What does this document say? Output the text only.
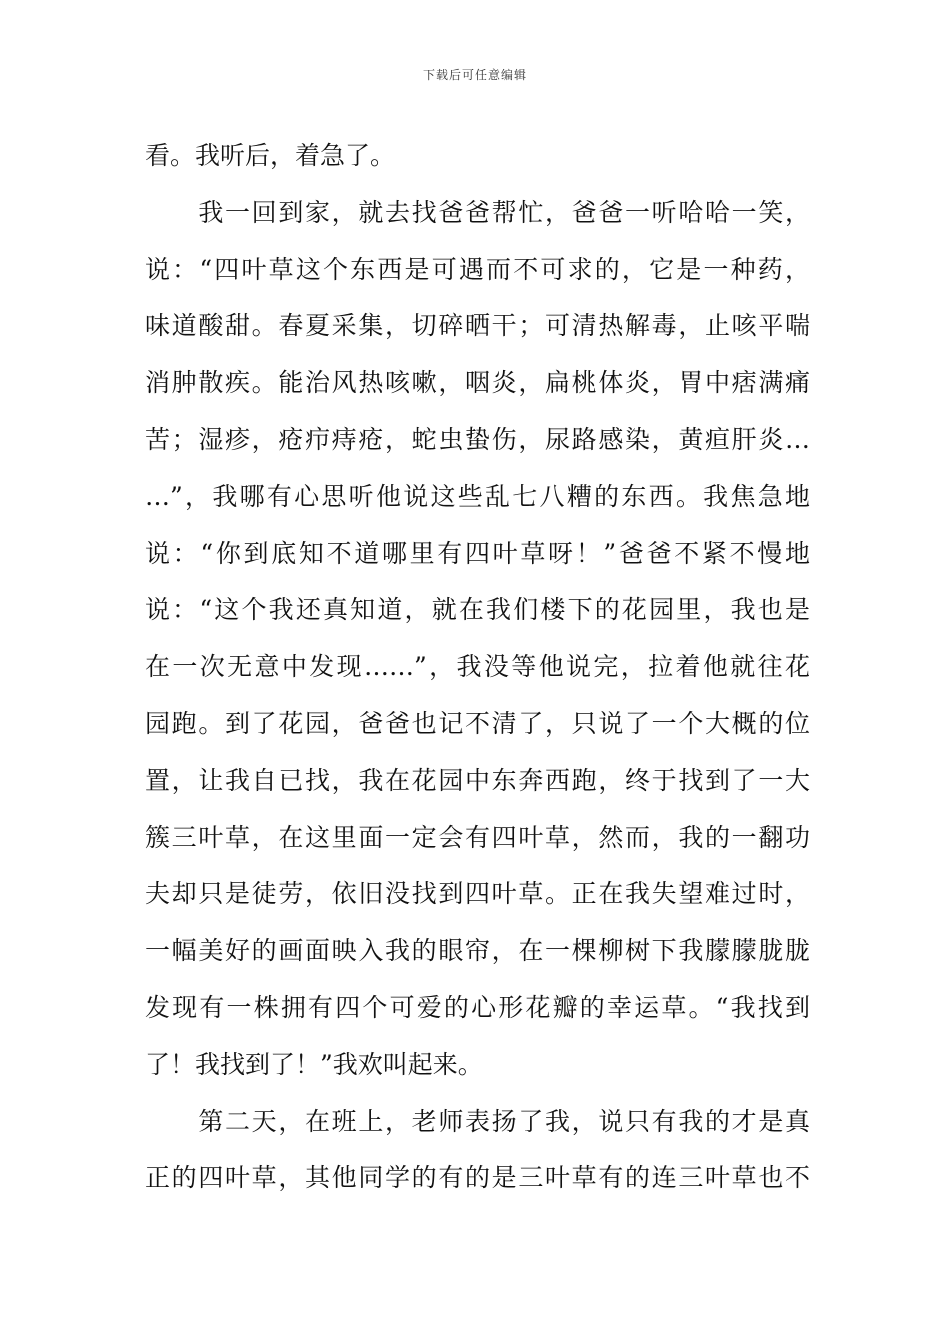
下载后可任意编辑
看。我听后，着急了。
　　我一回到家，就去找爸爸帮忙，爸爸一听哈哈一笑，
说：“四叶草这个东西是可遇而不可求的，它是一种药，
味道酸甜。春夏采集，切碎晒干；可清热解毒，止咳平喘
消肿散疾。能治风热咳嗽，咽炎，扁桃体炎，胃中痞满痛
苦；湿疹，疮疖痔疮，蛇虫蛰伤，尿路感染，黄疸肝炎…
…”，我哪有心思听他说这些乱七八糟的东西。我焦急地
说：“你到底知不道哪里有四叶草呀！”爸爸不紧不慢地
说：“这个我还真知道，就在我们楼下的花园里，我也是
在一次无意中发现……”，我没等他说完，拉着他就往花
园跑。到了花园，爸爸也记不清了，只说了一个大概的位
置，让我自已找，我在花园中东奔西跑，终于找到了一大
簇三叶草，在这里面一定会有四叶草，然而，我的一翻功
夫却只是徒劳，依旧没找到四叶草。正在我失望难过时，
一幅美好的画面映入我的眼帘，在一棵柳树下我朦朦胧胧
发现有一株拥有四个可爱的心形花瓣的幸运草。“我找到
了！我找到了！”我欢叫起来。
　　第二天，在班上，老师表扬了我，说只有我的才是真
正的四叶草，其他同学的有的是三叶草有的连三叶草也不
